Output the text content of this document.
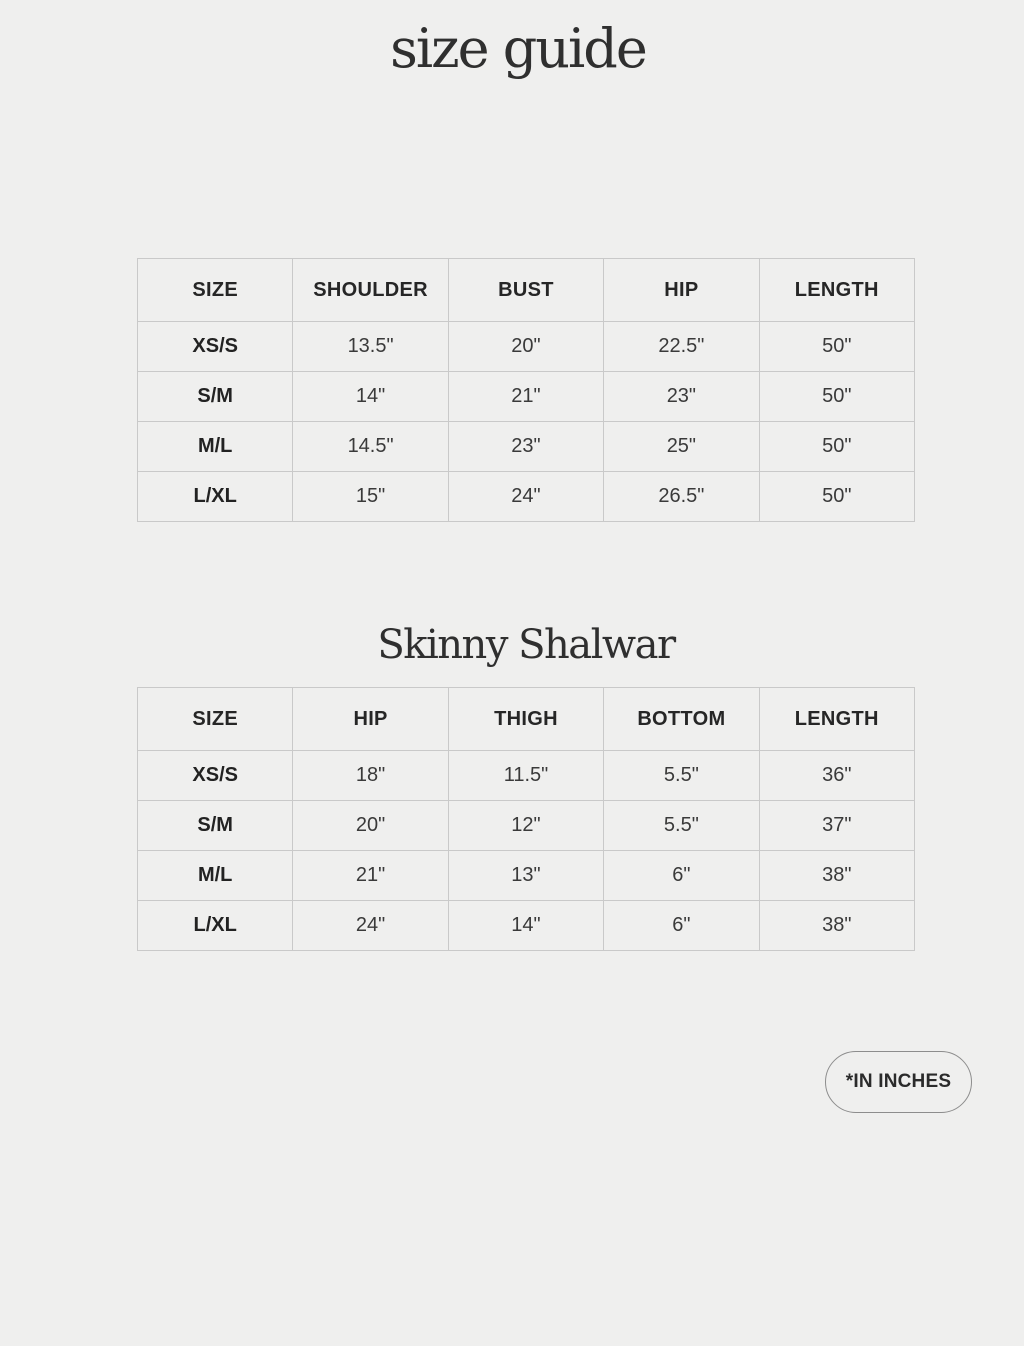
size guide
SIZE	SHOULDER	BUST	HIP	LENGTH
XS/S	13.5"	20"	22.5"	50"
S/M	14"	21"	23"	50"
M/L	14.5"	23"	25"	50"
L/XL	15"	24"	26.5"	50"
Skinny Shalwar
SIZE	HIP	THIGH	BOTTOM	LENGTH
XS/S	18"	11.5"	5.5"	36"
S/M	20"	12"	5.5"	37"
M/L	21"	13"	6"	38"
L/XL	24"	14"	6"	38"
*IN INCHES
